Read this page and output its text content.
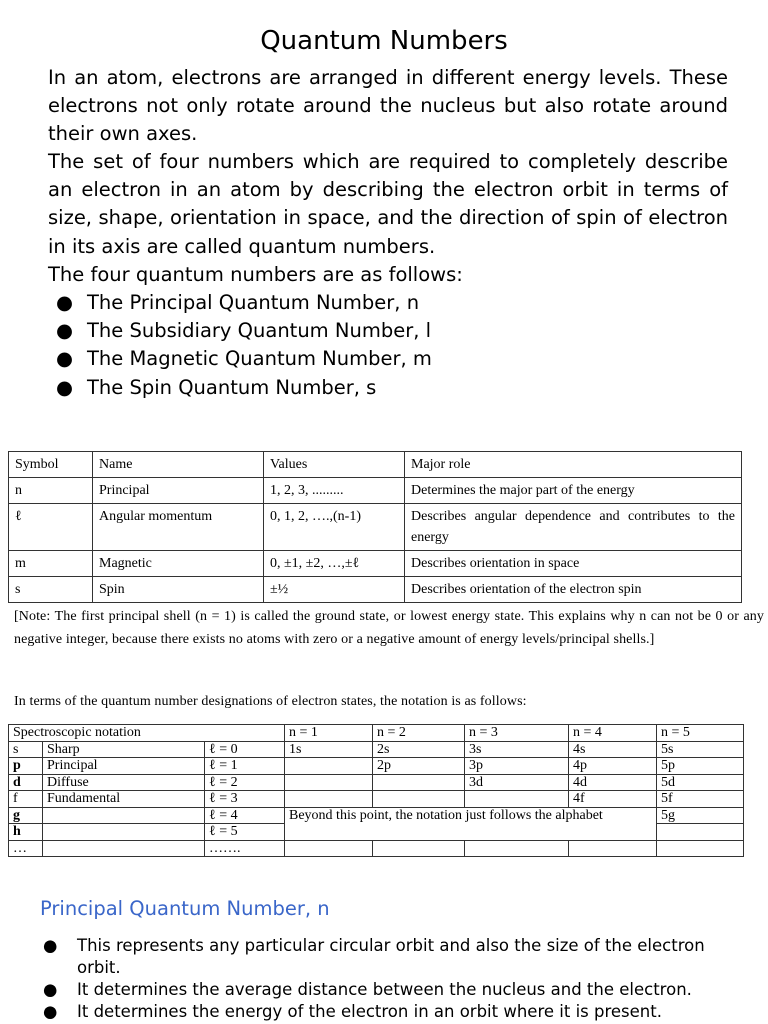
Quantum Numbers

In an atom, electrons are arranged in different energy levels. These electrons not only rotate around the nucleus but also rotate around their own axes.

The set of four numbers which are required to completely describe an electron in an atom by describing the electron orbit in terms of size, shape, orientation in space, and the direction of spin of electron in its axis are called quantum numbers.

The four quantum numbers are as follows:

● The Principal Quantum Number, n
● The Subsidiary Quantum Number, l
● The Magnetic Quantum Number, m
● The Spin Quantum Number, s
Symbol	Name	Values	Major role
n	Principal	1, 2, 3, .........	Determines the major part of the energy
ℓ	Angular momentum	0, 1, 2, ….,(n-1)	Describes angular dependence and contributes to the energy
m	Magnetic	0, ±1, ±2, …,±ℓ	Describes orientation in space
s	Spin	±½	Describes orientation of the electron spin

[Note: The first principal shell (n = 1) is called the ground state, or lowest energy state. This explains why n can not be 0 or any negative integer, because there exists no atoms with zero or a negative amount of energy levels/principal shells.]

In terms of the quantum number designations of electron states, the notation is as follows:

Spectroscopic notation			n = 1	n = 2	n = 3	n = 4	n = 5
s	Sharp	ℓ = 0	1s	2s	3s	4s	5s
p	Principal	ℓ = 1		2p	3p	4p	5p
d	Diffuse	ℓ = 2			3d	4d	5d
f	Fundamental	ℓ = 3				4f	5f
g		ℓ = 4	Beyond this point, the notation just follows the alphabet				5g
h		ℓ = 5					
…		…….					
Principal Quantum Number, n
● This represents any particular circular orbit and also the size of the electron orbit.
● It determines the average distance between the nucleus and the electron.
● It determines the energy of the electron in an orbit where it is present.
